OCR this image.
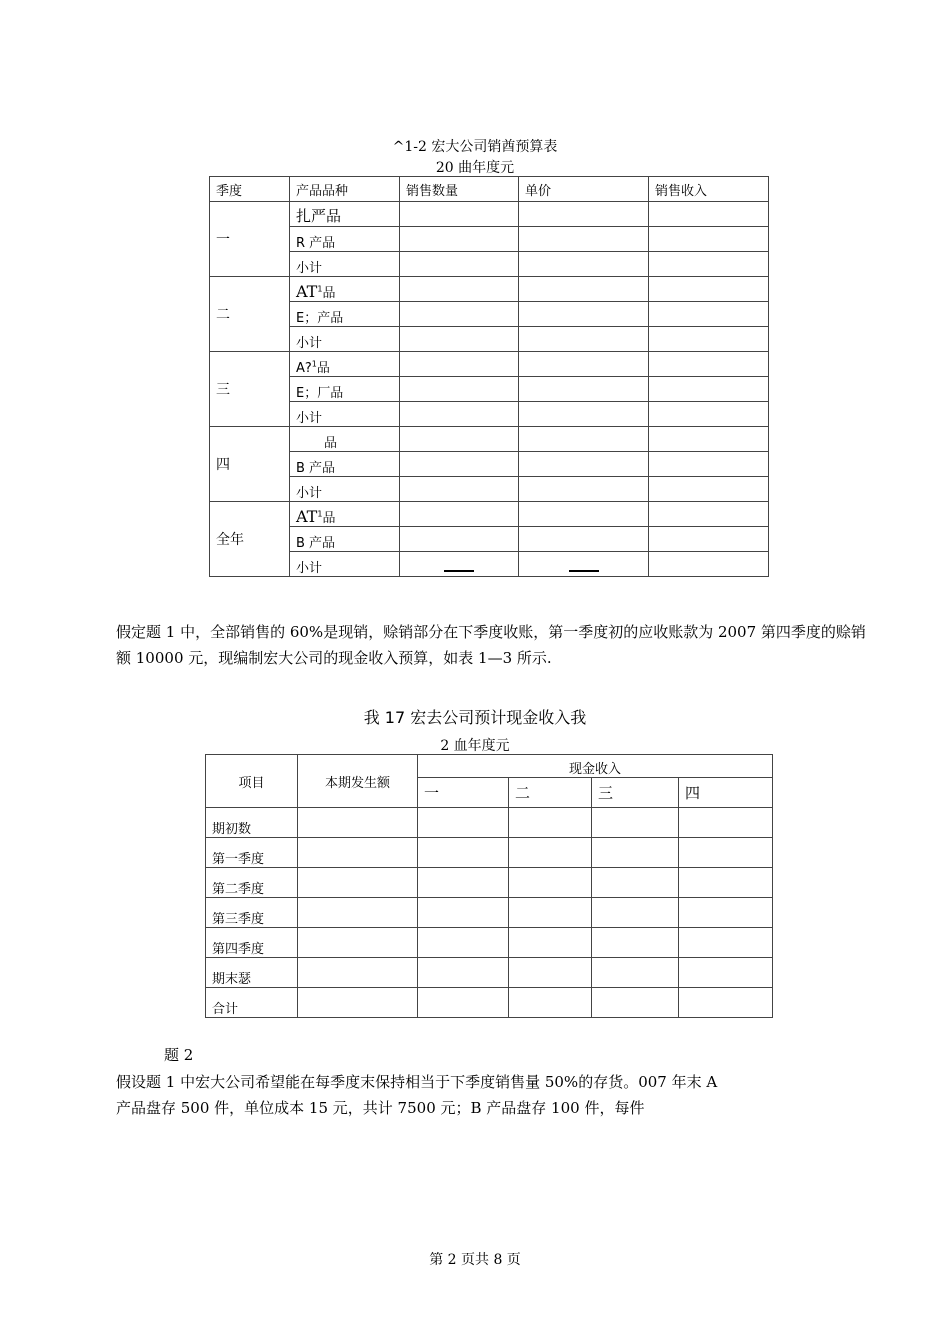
^1-2 宏大公司销酋预算表
20 曲年度元
季度	产品品种	销售数量	单价	销售收入
一	扎严品			
	R 产品			
	小计			
二	$AT^1$品			
	E；产品			
	小计			
三	A?$^1$品			
	E；厂品			
	小计			
四	品			
	B 产品			
	小计			
全年	$AT^1$品			
	B 产品			
	小计			
假定题 1 中，全部销售的 60%是现销，赊销部分在下季度收账，第一季度初的应收账款为 2007 第四季度的赊销额 10000 元，现编制宏大公司的现金收入预算，如表 1—3 所示.
我 17 宏去公司预计现金收入我
2 血年度元
项目	本期发生额	现金收入			
		一	二	三	四
期初数					
第一季度					
第二季度					
第三季度					
第四季度					
期末瑟					
合计					
题 2
假设题 1 中宏大公司希望能在每季度末保持相当于下季度销售量 50%的存货。007 年末 A
产品盘存 500 件，单位成本 15 元，共计 7500 元；B 产品盘存 100 件，每件
第 2 页共 8 页
